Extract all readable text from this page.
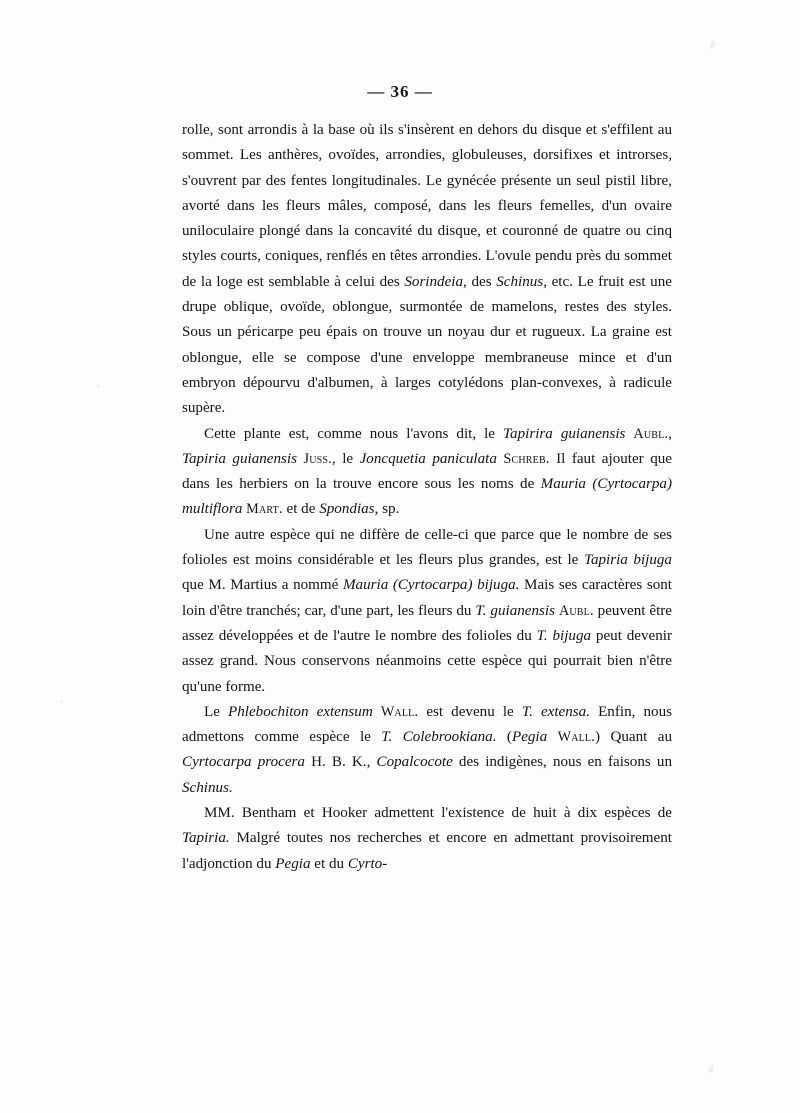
— 36 —

rolle, sont arrondis à la base où ils s'insèrent en dehors du disque et s'effilent au sommet. Les anthères, ovoïdes, arrondies, globuleuses, dorsifixes et introrses, s'ouvrent par des fentes longitudinales. Le gynécée présente un seul pistil libre, avorté dans les fleurs mâles, composé, dans les fleurs femelles, d'un ovaire uniloculaire plongé dans la concavité du disque, et couronné de quatre ou cinq styles courts, coniques, renflés en têtes arrondies. L'ovule pendu près du sommet de la loge est semblable à celui des Sorindeia, des Schinus, etc. Le fruit est une drupe oblique, ovoïde, oblongue, surmontée de mamelons, restes des styles. Sous un péricarpe peu épais on trouve un noyau dur et rugueux. La graine est oblongue, elle se compose d'une enveloppe membraneuse mince et d'un embryon dépourvu d'albumen, à larges cotylédons plan-convexes, à radicule supère.

Cette plante est, comme nous l'avons dit, le Tapirira guianensis Aubl., Tapiria guianensis Juss., le Joncquetia paniculata Schreb. Il faut ajouter que dans les herbiers on la trouve encore sous les noms de Mauria (Cyrtocarpa) multiflora Mart. et de Spondias, sp.

Une autre espèce qui ne diffère de celle-ci que parce que le nombre de ses folioles est moins considérable et les fleurs plus grandes, est le Tapiria bijuga que M. Martius a nommé Mauria (Cyrtocarpa) bijuga. Mais ses caractères sont loin d'être tranchés; car, d'une part, les fleurs du T. guianensis Aubl. peuvent être assez développées et de l'autre le nombre des folioles du T. bijuga peut devenir assez grand. Nous conservons néanmoins cette espèce qui pourrait bien n'être qu'une forme.

Le Phlebochiton extensum Wall. est devenu le T. extensa. Enfin, nous admettons comme espèce le T. Colebrookiana. (Pegia Wall.) Quant au Cyrtocarpa procera H. B. K., Copalcocote des indigènes, nous en faisons un Schinus.

MM. Bentham et Hooker admettent l'existence de huit à dix espèces de Tapiria. Malgré toutes nos recherches et encore en admettant provisoirement l'adjonction du Pegia et du Cyrto-
